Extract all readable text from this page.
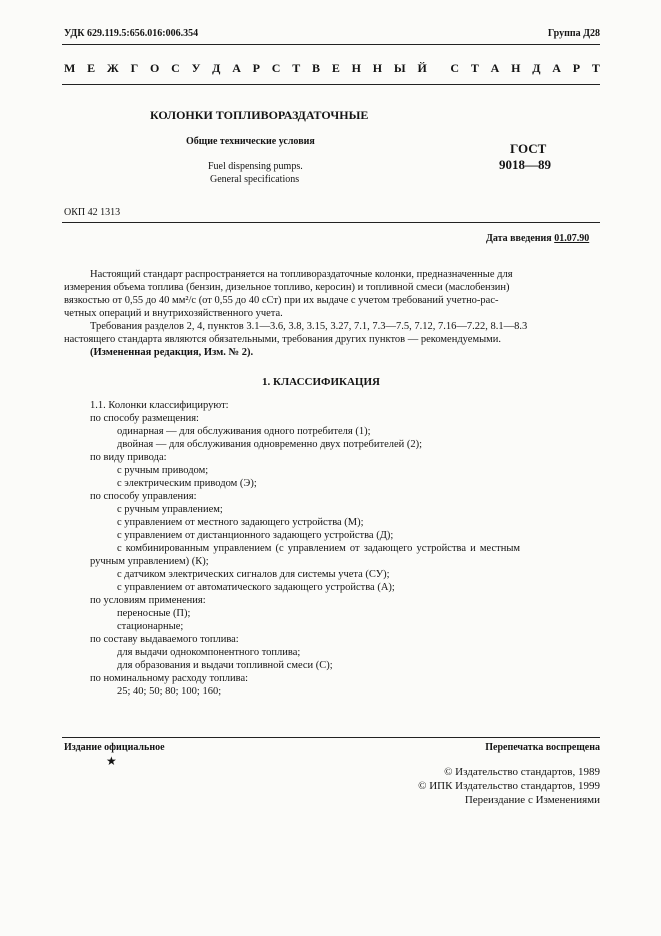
УДК 629.119.5:656.016:006.354	Группа Д28
М Е Ж Г О С У Д А Р С Т В Е Н Н Ы Й С Т А Н Д А Р Т
КОЛОНКИ ТОПЛИВОРАЗДАТОЧНЫЕ
Общие технические условия
Fuel dispensing pumps.
General specifications
ГОСТ
9018—89
ОКП 42 1313
Дата введения 01.07.90
Настоящий стандарт распространяется на топливораздаточные колонки, предназначенные для
измерения объема топлива (бензин, дизельное топливо, керосин) и топливной смеси (маслобензин)
вязкостью от 0,55 до 40 мм²/с (от 0,55 до 40 сСт) при их выдаче с учетом требований учетно-рас-
четных операций и внутрихозяйственного учета.
Требования разделов 2, 4, пунктов 3.1—3.6, 3.8, 3.15, 3.27, 7.1, 7.3—7.5, 7.12, 7.16—7.22, 8.1—8.3
настоящего стандарта являются обязательными, требования других пунктов — рекомендуемыми.
(Измененная редакция, Изм. № 2).
1. КЛАССИФИКАЦИЯ
1.1. Колонки классифицируют:
по способу размещения:
одинарная — для обслуживания одного потребителя (1);
двойная — для обслуживания одновременно двух потребителей (2);
по виду привода:
с ручным приводом;
с электрическим приводом (Э);
по способу управления:
с ручным управлением;
с управлением от местного задающего устройства (М);
с управлением от дистанционного задающего устройства (Д);
с комбинированным управлением (с управлением от задающего устройства и местным
ручным управлением) (К);
с датчиком электрических сигналов для системы учета (СУ);
с управлением от автоматического задающего устройства (А);
по условиям применения:
переносные (П);
стационарные;
по составу выдаваемого топлива:
для выдачи однокомпонентного топлива;
для образования и выдачи топливной смеси (С);
по номинальному расходу топлива:
25; 40; 50; 80; 100; 160;
Издание официальное
★
Перепечатка воспрещена
© Издательство стандартов, 1989
© ИПК Издательство стандартов, 1999
Переиздание с Изменениями
